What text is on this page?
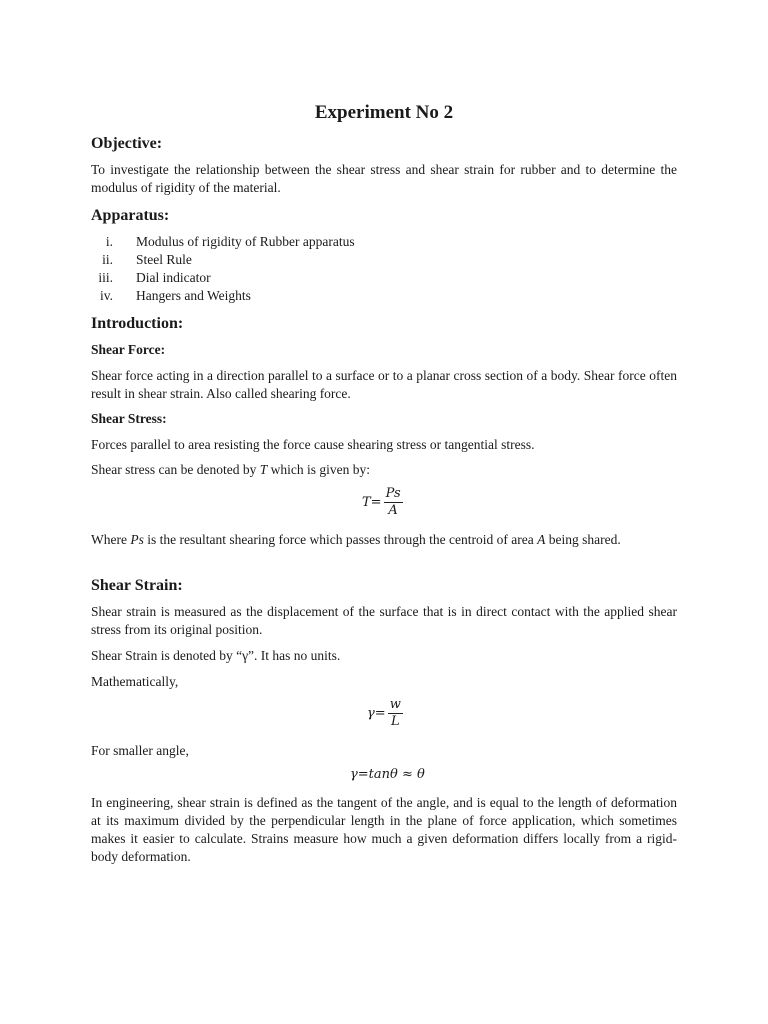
Experiment No 2
Objective:
To investigate the relationship between the shear stress and shear strain for rubber and to determine the modulus of rigidity of the material.
Apparatus:
i. Modulus of rigidity of Rubber apparatus
ii. Steel Rule
iii. Dial indicator
iv. Hangers and Weights
Introduction:
Shear Force:
Shear force acting in a direction parallel to a surface or to a planar cross section of a body. Shear force often result in shear strain. Also called shearing force.
Shear Stress:
Forces parallel to area resisting the force cause shearing stress or tangential stress.
Shear stress can be denoted by T which is given by:
$T = \frac{Ps}{A}$
Where Ps is the resultant shearing force which passes through the centroid of area A being shared.
Shear Strain:
Shear strain is measured as the displacement of the surface that is in direct contact with the applied shear stress from its original position.
Shear Strain is denoted by “γ”. It has no units.
Mathematically,
$\gamma = \frac{w}{L}$
For smaller angle,
γ=tanθ ≈ θ
In engineering, shear strain is defined as the tangent of the angle, and is equal to the length of deformation at its maximum divided by the perpendicular length in the plane of force application, which sometimes makes it easier to calculate. Strains measure how much a given deformation differs locally from a rigid-body deformation.
